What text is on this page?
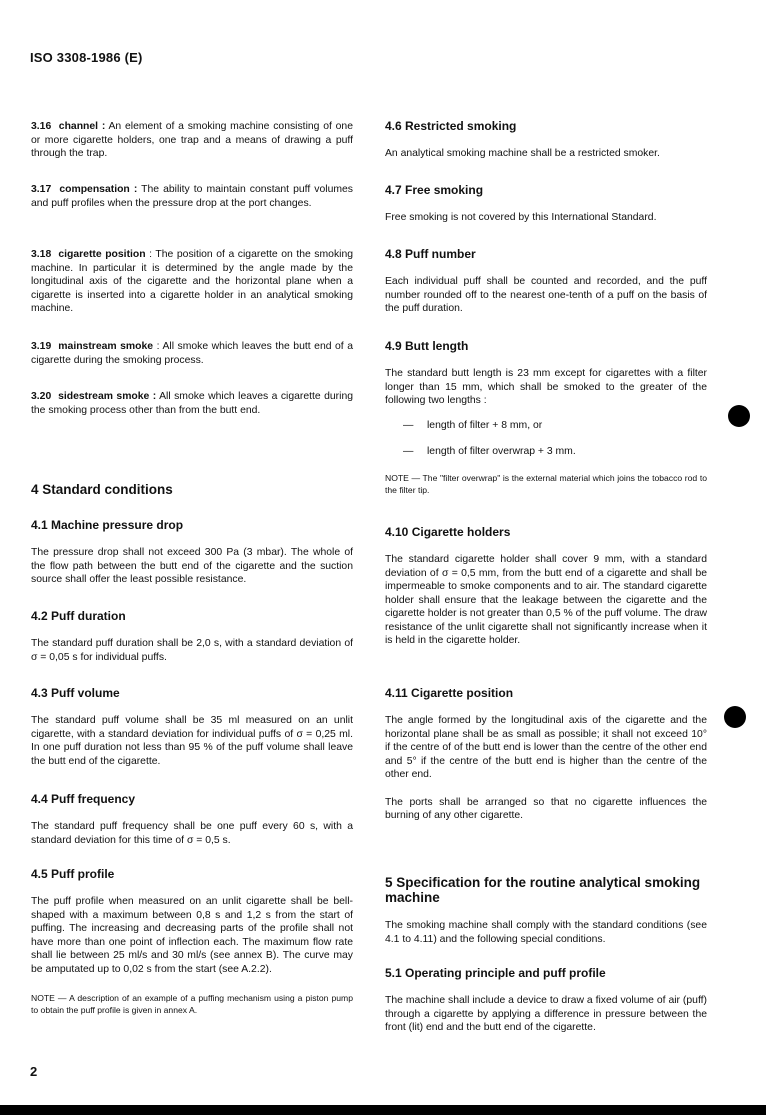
ISO 3308-1986 (E)

3.16 channel : An element of a smoking machine consisting of one or more cigarette holders, one trap and a means of drawing a puff through the trap.

3.17 compensation : The ability to maintain constant puff volumes and puff profiles when the pressure drop at the port changes.

3.18 cigarette position : The position of a cigarette on the smoking machine. In particular it is determined by the angle made by the longitudinal axis of the cigarette and the horizontal plane when a cigarette is inserted into a cigarette holder in an analytical smoking machine.

3.19 mainstream smoke : All smoke which leaves the butt end of a cigarette during the smoking process.

3.20 sidestream smoke : All smoke which leaves a cigarette during the smoking process other than from the butt end.

4 Standard conditions

4.1 Machine pressure drop

The pressure drop shall not exceed 300 Pa (3 mbar). The whole of the flow path between the butt end of the cigarette and the suction source shall offer the least possible resistance.

4.2 Puff duration

The standard puff duration shall be 2,0 s, with a standard deviation of σ = 0,05 s for individual puffs.

4.3 Puff volume

The standard puff volume shall be 35 ml measured on an unlit cigarette, with a standard deviation for individual puffs of σ = 0,25 ml. In one puff duration not less than 95 % of the puff volume shall leave the butt end of the cigarette.

4.4 Puff frequency

The standard puff frequency shall be one puff every 60 s, with a standard deviation for this time of σ = 0,5 s.

4.5 Puff profile

The puff profile when measured on an unlit cigarette shall be bell-shaped with a maximum between 0,8 s and 1,2 s from the start of puffing. The increasing and decreasing parts of the profile shall not have more than one point of inflection each. The maximum flow rate shall lie between 25 ml/s and 30 ml/s (see annex B). The curve may be amputated up to 0,02 s from the start (see A.2.2).

NOTE — A description of an example of a puffing mechanism using a piston pump to obtain the puff profile is given in annex A.

4.6 Restricted smoking

An analytical smoking machine shall be a restricted smoker.

4.7 Free smoking

Free smoking is not covered by this International Standard.

4.8 Puff number

Each individual puff shall be counted and recorded, and the puff number rounded off to the nearest one-tenth of a puff on the basis of the puff duration.

4.9 Butt length

The standard butt length is 23 mm except for cigarettes with a filter longer than 15 mm, which shall be smoked to the greater of the following two lengths :

—	length of filter + 8 mm, or
—	length of filter overwrap + 3 mm.

NOTE — The "filter overwrap" is the external material which joins the tobacco rod to the filter tip.

4.10 Cigarette holders

The standard cigarette holder shall cover 9 mm, with a standard deviation of σ = 0,5 mm, from the butt end of a cigarette and shall be impermeable to smoke components and to air. The standard cigarette holder shall ensure that the leakage between the cigarette and the cigarette holder is not greater than 0,5 % of the puff volume. The draw resistance of the unlit cigarette shall not significantly increase when it is held in the cigarette holder.

4.11 Cigarette position

The angle formed by the longitudinal axis of the cigarette and the horizontal plane shall be as small as possible; it shall not exceed 10° if the centre of of the butt end is lower than the centre of the other end and 5° if the centre of the butt end is higher than the centre of the other end.

The ports shall be arranged so that no cigarette influences the burning of any other cigarette.

5 Specification for the routine analytical smoking machine

The smoking machine shall comply with the standard conditions (see 4.1 to 4.11) and the following special conditions.

5.1 Operating principle and puff profile

The machine shall include a device to draw a fixed volume of air (puff) through a cigarette by applying a difference in pressure between the front (lit) end and the butt end of the cigarette.

2
